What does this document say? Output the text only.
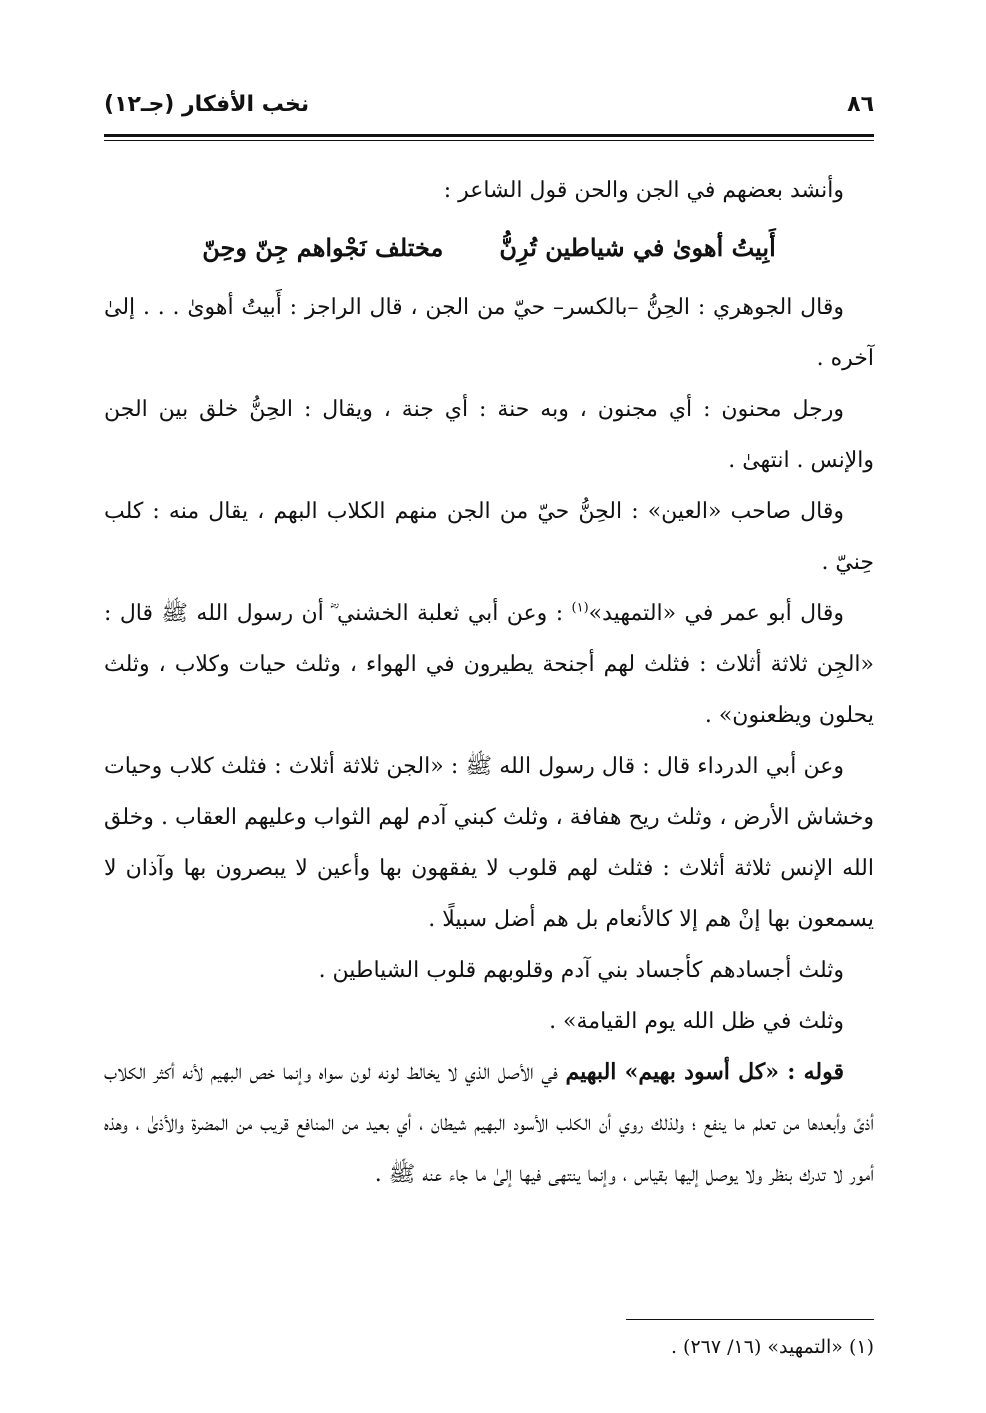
٨٦
نخب الأفكار (جـ١٢)

وأنشد بعضهم في الجن والحن قول الشاعر :

أَبِيتُ أهوىٰ في شياطين تُرِنُّ
مختلف نَجْواهم جِنّ وحِنّ

وقال الجوهري : الحِنُّ –بالكسر– حيّ من الجن ، قال الراجز : أَبيتُ أهوىٰ . . . إلىٰ آخره .

ورجل محنون : أي مجنون ، وبه حنة : أي جنة ، ويقال : الحِنُّ خلق بين الجن والإنس . انتهىٰ .

وقال صاحب «العين» : الحِنُّ حيّ من الجن منهم الكلاب البهم ، يقال منه : كلب حِنيّ .

وقال أبو عمر في «التمهيد»$^{(١)}$ : وعن أبي ثعلبة الخشني ؓ أن رسول الله ﷺ قال : «الجِن ثلاثة أثلاث : فثلث لهم أجنحة يطيرون في الهواء ، وثلث حيات وكلاب ، وثلث يحلون ويظعنون» .

وعن أبي الدرداء قال : قال رسول الله ﷺ : «الجن ثلاثة أثلاث : فثلث كلاب وحيات وخشاش الأرض ، وثلث ريح هفافة ، وثلث كبني آدم لهم الثواب وعليهم العقاب . وخلق الله الإنس ثلاثة أثلاث : فثلث لهم قلوب لا يفقهون بها وأعين لا يبصرون بها وآذان لا يسمعون بها إنْ هم إلا كالأنعام بل هم أضل سبيلًا .

وثلث أجسادهم كأجساد بني آدم وقلوبهم قلوب الشياطين .

وثلث في ظل الله يوم القيامة» .

قوله : «كل أسود بهيم» البهيم في الأصل الذي لا يخالط لونه لون سواه وإنما خص البهيم لأنه أكثر الكلاب أذىً وأبعدها من تعلم ما ينفع ؛ ولذلك روي أن الكلب الأسود البهيم شيطان ، أي بعيد من المنافع قريب من المضرة والأذىٰ ، وهذه أمور لا تدرك بنظر ولا يوصل إليها بقياس ، وإنما ينتهى فيها إلىٰ ما جاء عنه ﷺ .

(١) «التمهيد» (١٦/ ٢٦٧) .
